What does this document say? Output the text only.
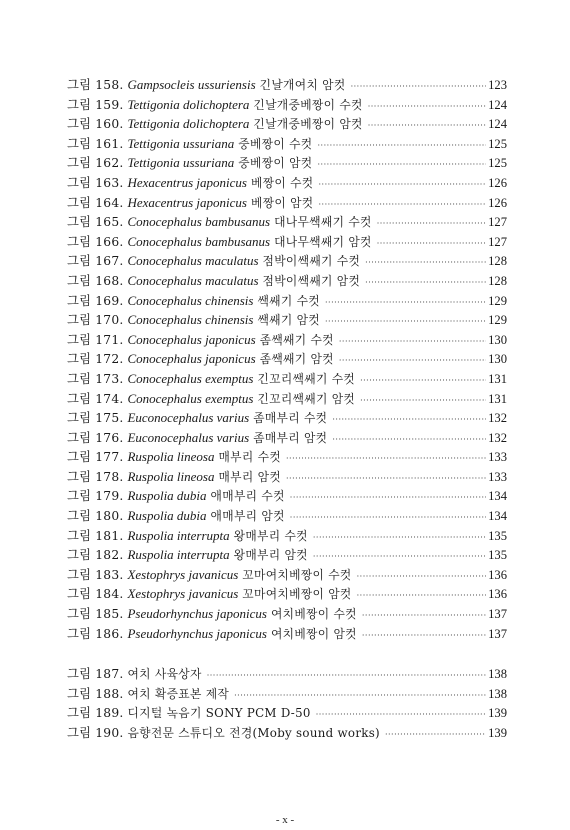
그림 158. Gampsocleis ussuriensis 긴날개여치 암컷 ·····	123
그림 159. Tettigonia dolichoptera 긴날개중베짱이 수컷 ·····	124
그림 160. Tettigonia dolichoptera 긴날개중베짱이 암컷 ·····	124
그림 161. Tettigonia ussuriana 중베짱이 수컷 ·····	125
그림 162. Tettigonia ussuriana 중베짱이 암컷 ·····	125
그림 163. Hexacentrus japonicus 베짱이 수컷 ·····	126
그림 164. Hexacentrus japonicus 베짱이 암컷 ·····	126
그림 165. Conocephalus bambusanus 대나무쌕쌔기 수컷 ·····	127
그림 166. Conocephalus bambusanus 대나무쌕쌔기 암컷 ·····	127
그림 167. Conocephalus maculatus 점박이쌕쌔기 수컷 ·····	128
그림 168. Conocephalus maculatus 점박이쌕쌔기 암컷 ·····	128
그림 169. Conocephalus chinensis 쌕쌔기 수컷 ·····	129
그림 170. Conocephalus chinensis 쌕쌔기 암컷 ·····	129
그림 171. Conocephalus japonicus 좀쌕쌔기 수컷 ·····	130
그림 172. Conocephalus japonicus 좀쌕쌔기 암컷 ·····	130
그림 173. Conocephalus exemptus 긴꼬리쌕쌔기 수컷 ·····	131
그림 174. Conocephalus exemptus 긴꼬리쌕쌔기 암컷 ·····	131
그림 175. Euconocephalus varius 좀매부리 수컷 ·····	132
그림 176. Euconocephalus varius 좀매부리 암컷 ·····	132
그림 177. Ruspolia lineosa 매부리 수컷 ·····	133
그림 178. Ruspolia lineosa 매부리 암컷 ·····	133
그림 179. Ruspolia dubia 애매부리 수컷 ·····	134
그림 180. Ruspolia dubia 애매부리 암컷 ·····	134
그림 181. Ruspolia interrupta 왕매부리 수컷 ·····	135
그림 182. Ruspolia interrupta 왕매부리 암컷 ·····	135
그림 183. Xestophrys javanicus 꼬마여치베짱이 수컷 ·····	136
그림 184. Xestophrys javanicus 꼬마여치베짱이 암컷 ·····	136
그림 185. Pseudorhynchus japonicus 여치베짱이 수컷 ·····	137
그림 186. Pseudorhynchus japonicus 여치베짱이 암컷 ·····	137
그림 187. 여치 사육상자 ·····	138
그림 188. 여치 확증표본 제작 ·····	138
그림 189. 디지털 녹음기 SONY PCM D-50 ·····	139
그림 190. 음향전문 스튜디오 전경(Moby sound works) ·····	139
- x -
